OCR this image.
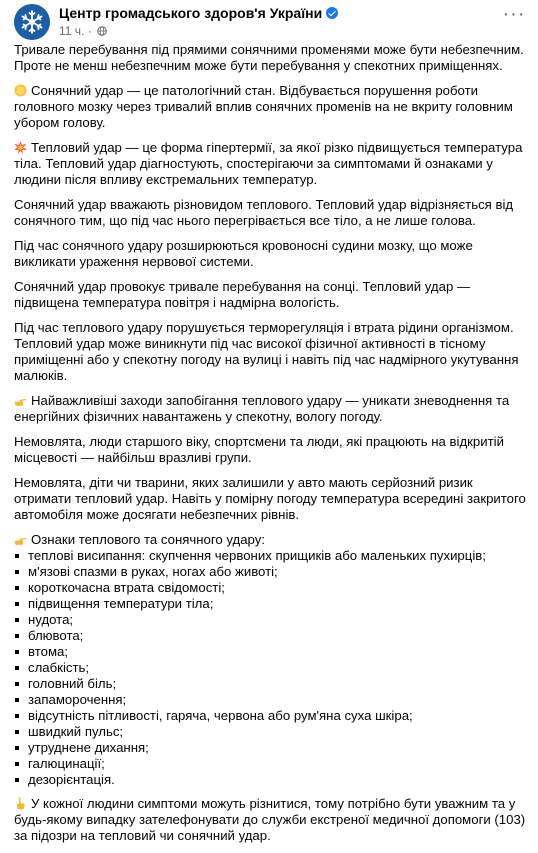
Центр громадського здоров'я України
11 ч. ·
···

Тривале перебування під прямими сонячними променями може бути небезпечним. Проте не менш небезпечним може бути перебування у спекотних приміщеннях.

Сонячний удар — це патологічний стан. Відбувається порушення роботи головного мозку через тривалий вплив сонячних променів на не вкриту головним убором голову.

Тепловий удар — це форма гіпертермії, за якої різко підвищується температура тіла. Тепловий удар діагностують, спостерігаючи за симптомами й ознаками у людини після впливу екстремальних температур.

Сонячний удар вважають різновидом теплового. Тепловий удар відрізняється від сонячного тим, що під час нього перегрівається все тіло, а не лише голова.

Під час сонячного удару розширюються кровоносні судини мозку, що може викликати ураження нервової системи.

Сонячний удар провокує тривале перебування на сонці. Тепловий удар — підвищена температура повітря і надмірна вологість.

Під час теплового удару порушується терморегуляція і втрата рідини організмом. Тепловий удар може виникнути під час високої фізичної активності в тісному приміщенні або у спекотну погоду на вулиці і навіть під час надмірного укутування малюків.

Найважливіші заходи запобігання теплового удару — уникати зневоднення та енергійних фізичних навантажень у спекотну, вологу погоду.

Немовлята, люди старшого віку, спортсмени та люди, які працюють на відкритій місцевості — найбільш вразливі групи.

Немовлята, діти чи тварини, яких залишили у авто мають серйозний ризик отримати тепловий удар. Навіть у помірну погоду температура всередині закритого автомобіля може досягати небезпечних рівнів.

Ознаки теплового та сонячного удару:

теплові висипання: скупчення червоних прищиків або маленьких пухирців;
м'язові спазми в руках, ногах або животі;
короткочасна втрата свідомості;
підвищення температури тіла;
нудота;
блювота;
втома;
слабкість;
головний біль;
запаморочення;
відсутність пітливості, гаряча, червона або рум'яна суха шкіра;
швидкий пульс;
утруднене дихання;
галюцинації;
дезорієнтація.

У кожної людини симптоми можуть різнитися, тому потрібно бути уважним та у будь-якому випадку зателефонувати до служби екстреної медичної допомоги (103) за підозри на тепловий чи сонячний удар.
